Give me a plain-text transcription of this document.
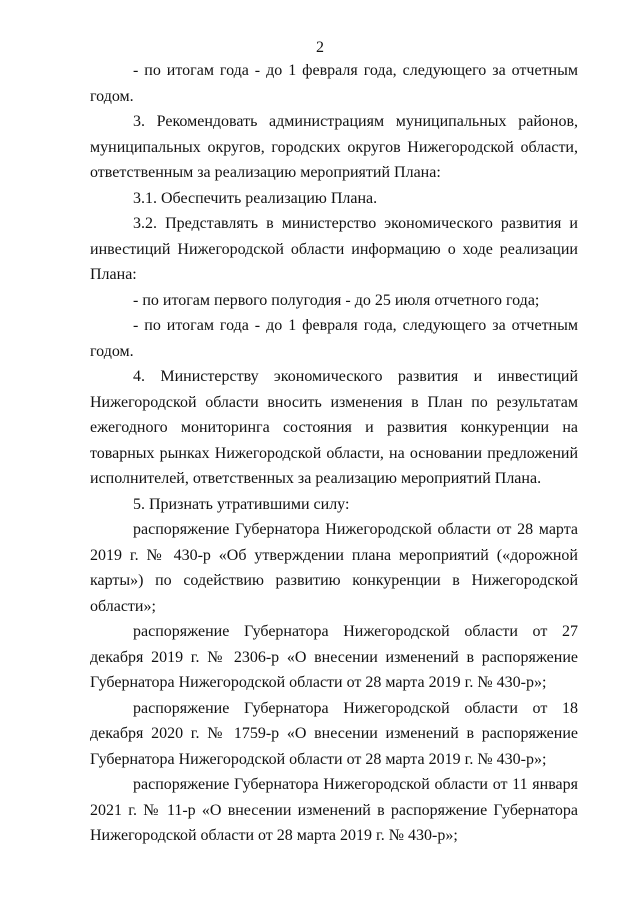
2

- по итогам года - до 1 февраля года, следующего за отчетным годом.

3. Рекомендовать администрациям муниципальных районов, муниципальных округов, городских округов Нижегородской области, ответственным за реализацию мероприятий Плана:

3.1. Обеспечить реализацию Плана.

3.2. Представлять в министерство экономического развития и инвестиций Нижегородской области информацию о ходе реализации Плана:

- по итогам первого полугодия - до 25 июля отчетного года;

- по итогам года - до 1 февраля года, следующего за отчетным годом.

4. Министерству экономического развития и инвестиций Нижегородской области вносить изменения в План по результатам ежегодного мониторинга состояния и развития конкуренции на товарных рынках Нижегородской области, на основании предложений исполнителей, ответственных за реализацию мероприятий Плана.

5. Признать утратившими силу:

распоряжение Губернатора Нижегородской области от 28 марта 2019 г. № 430-р «Об утверждении плана мероприятий («дорожной карты») по содействию развитию конкуренции в Нижегородской области»;

распоряжение Губернатора Нижегородской области от 27 декабря 2019 г. № 2306-р «О внесении изменений в распоряжение Губернатора Нижегородской области от 28 марта 2019 г. № 430-р»;

распоряжение Губернатора Нижегородской области от 18 декабря 2020 г. № 1759-р «О внесении изменений в распоряжение Губернатора Нижегородской области от 28 марта 2019 г. № 430-р»;

распоряжение Губернатора Нижегородской области от 11 января 2021 г. № 11-р «О внесении изменений в распоряжение Губернатора Нижегородской области от 28 марта 2019 г. № 430-р»;
